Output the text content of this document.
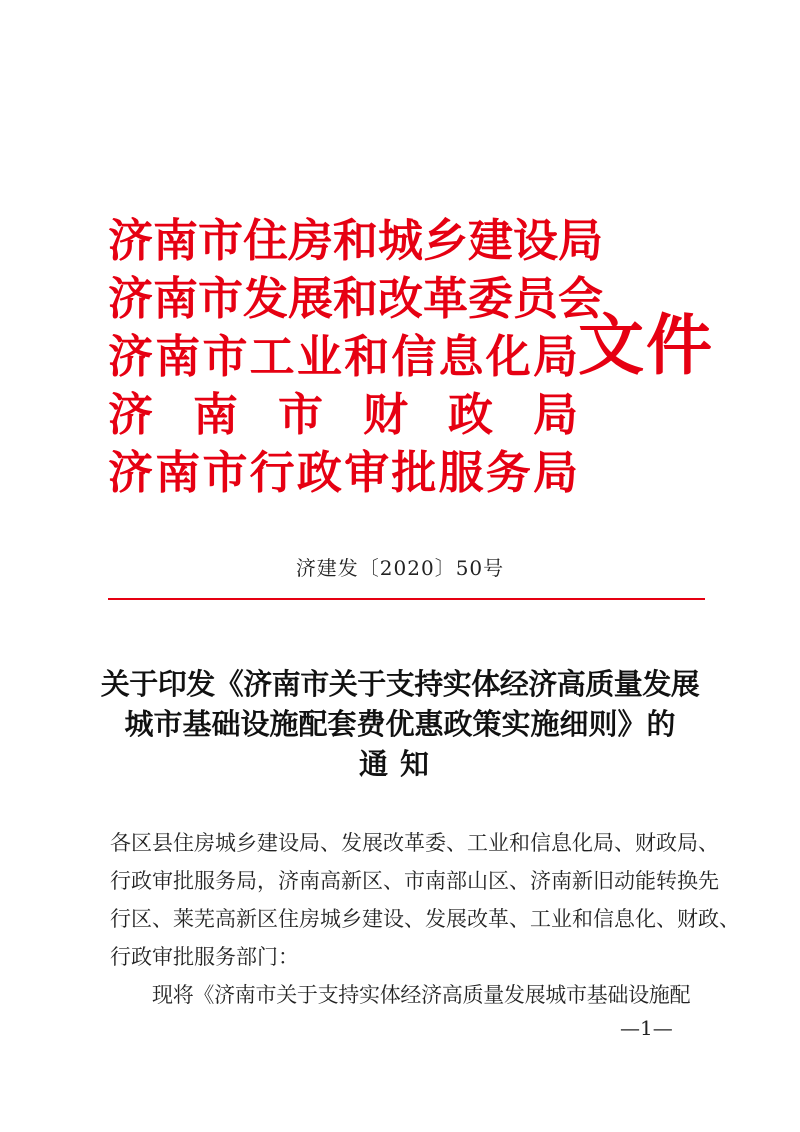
济南市住房和城乡建设局
济南市发展和改革委员会
济南市工业和信息化局
济南市财政局
济南市行政审批服务局
文件
济建发〔2020〕50号
关于印发《济南市关于支持实体经济高质量发展
城市基础设施配套费优惠政策实施细则》的
通知
各区县住房城乡建设局、发展改革委、工业和信息化局、财政局、
行政审批服务局，济南高新区、市南部山区、济南新旧动能转换先
行区、莱芜高新区住房城乡建设、发展改革、工业和信息化、财政、
行政审批服务部门：
现将《济南市关于支持实体经济高质量发展城市基础设施配
—1—
